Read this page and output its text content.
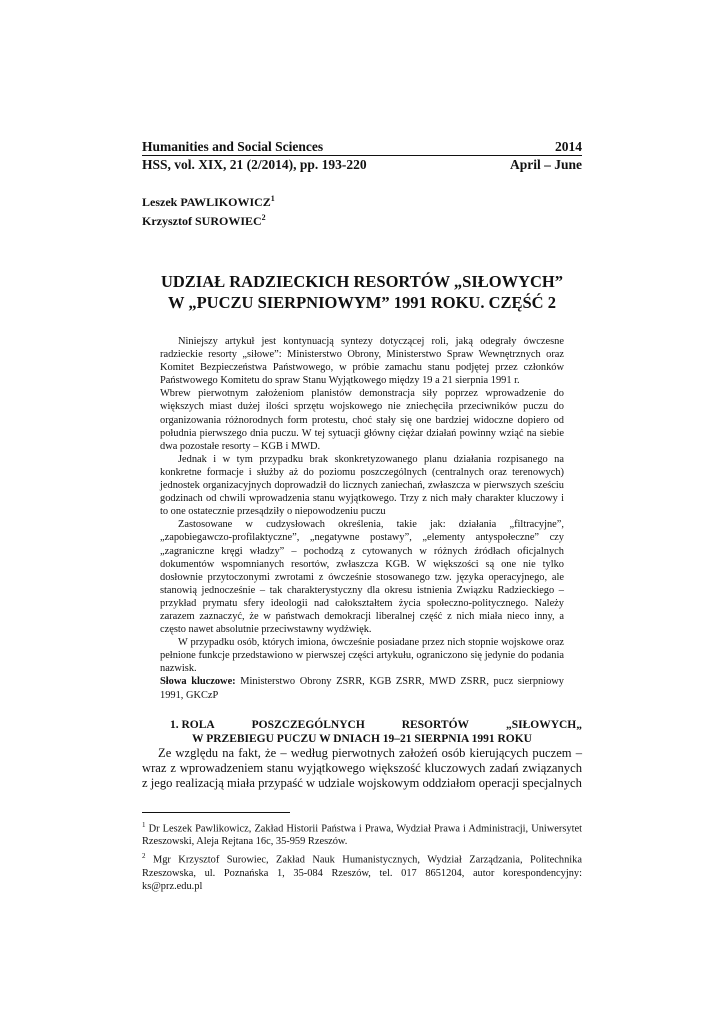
Humanities and Social Sciences	2014
HSS, vol. XIX, 21 (2/2014), pp. 193-220	April – June
Leszek PAWLIKOWICZ$^1$
Krzysztof SUROWIEC$^2$
UDZIAŁ RADZIECKICH RESORTÓW „SIŁOWYCH”
W „PUCZU SIERPNIOWYM” 1991 ROKU. CZĘŚĆ 2

Niniejszy artykuł jest kontynuacją syntezy dotyczącej roli, jaką odegrały ówczesne radzieckie resorty „siłowe”: Ministerstwo Obrony, Ministerstwo Spraw Wewnętrznych oraz Komitet Bezpieczeństwa Państwowego, w próbie zamachu stanu podjętej przez członków Państwowego Komitetu do spraw Stanu Wyjątkowego między 19 a 21 sierpnia 1991 r.

Wbrew pierwotnym założeniom planistów demonstracja siły poprzez wprowadzenie do większych miast dużej ilości sprzętu wojskowego nie zniechęciła przeciwników puczu do organizowania różnorodnych form protestu, choć stały się one bardziej widoczne dopiero od południa pierwszego dnia puczu. W tej sytuacji główny ciężar działań powinny wziąć na siebie dwa pozostałe resorty – KGB i MWD.

Jednak i w tym przypadku brak skonkretyzowanego planu działania rozpisanego na konkretne formacje i służby aż do poziomu poszczególnych (centralnych oraz terenowych) jednostek organizacyjnych doprowadził do licznych zaniechań, zwłaszcza w pierwszych sześciu godzinach od chwili wprowadzenia stanu wyjątkowego. Trzy z nich mały charakter kluczowy i to one ostatecznie przesądziły o niepowodzeniu puczu

Zastosowane w cudzysłowach określenia, takie jak: działania „filtracyjne”, „zapobiegawczo-profilaktyczne”, „negatywne postawy”, „elementy antyspołeczne” czy „zagraniczne kręgi władzy” – pochodzą z cytowanych w różnych źródłach oficjalnych dokumentów wspomnianych resortów, zwłaszcza KGB. W większości są one nie tylko dosłownie przytoczonymi zwrotami z ówcześnie stosowanego tzw. języka operacyjnego, ale stanowią jednocześnie – tak charakterystyczny dla okresu istnienia Związku Radzieckiego – przykład prymatu sfery ideologii nad całokształtem życia społeczno-politycznego. Należy zarazem zaznaczyć, że w państwach demokracji liberalnej część z nich miała nieco inny, a często nawet absolutnie przeciwstawny wydźwięk.

W przypadku osób, których imiona, ówcześnie posiadane przez nich stopnie wojskowe oraz pełnione funkcje przedstawiono w pierwszej części artykułu, ograniczono się jedynie do podania nazwisk.

Słowa kluczowe: Ministerstwo Obrony ZSRR, KGB ZSRR, MWD ZSRR, pucz sierpniowy 1991, GKCzP

1. ROLA	POSZCZEGÓLNYCH	RESORTÓW	„SIŁOWYCH„
W PRZEBIEGU PUCZU W DNIACH 19–21 SIERPNIA 1991 ROKU

Ze względu na fakt, że – według pierwotnych założeń osób kierujących puczem – wraz z wprowadzeniem stanu wyjątkowego większość kluczowych zadań związanych z jego realizacją miała przypaść w udziale wojskowym oddziałom operacji specjalnych

$^1$ Dr Leszek Pawlikowicz, Zakład Historii Państwa i Prawa, Wydział Prawa i Administracji, Uniwersytet Rzeszowski, Aleja Rejtana 16c, 35-959 Rzeszów.

$^2$ Mgr Krzysztof Surowiec, Zakład Nauk Humanistycznych, Wydział Zarządzania, Politechnika Rzeszowska, ul. Poznańska 1, 35-084 Rzeszów, tel. 017 8651204, autor korespondencyjny: ks@prz.edu.pl
